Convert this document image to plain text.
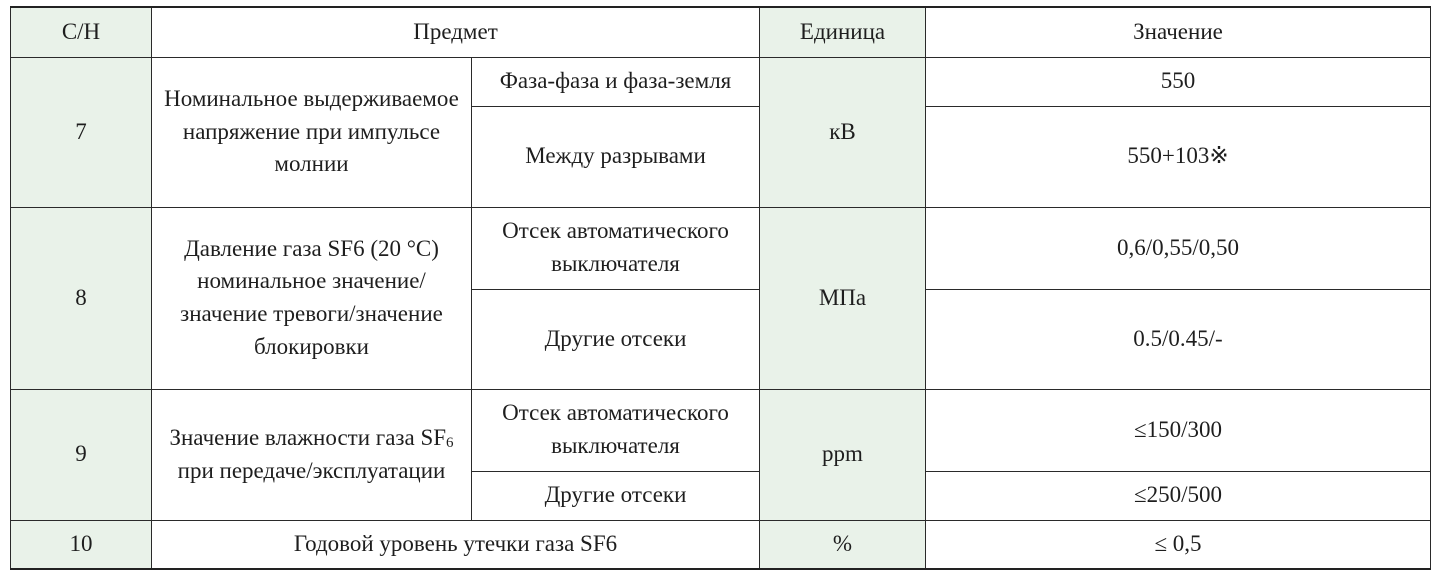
С/Н	Предмет		Единица	Значение
7	Номинальное выдерживаемое напряжение при импульсе молнии	Фаза-фаза и фаза-земля	кВ	550
		Между разрывами		550+103※
8	Давление газа SF6 (20 °C) номинальное значение/значение тревоги/значение блокировки	Отсек автоматического выключателя	МПа	0,6/0,55/0,50
		Другие отсеки		0.5/0.45/-
9	Значение влажности газа $SF_6$ при передаче/эксплуатации	Отсек автоматического выключателя	ppm	≤150/300
		Другие отсеки		≤250/500
10	Годовой уровень утечки газа SF6		%	≤ 0,5
